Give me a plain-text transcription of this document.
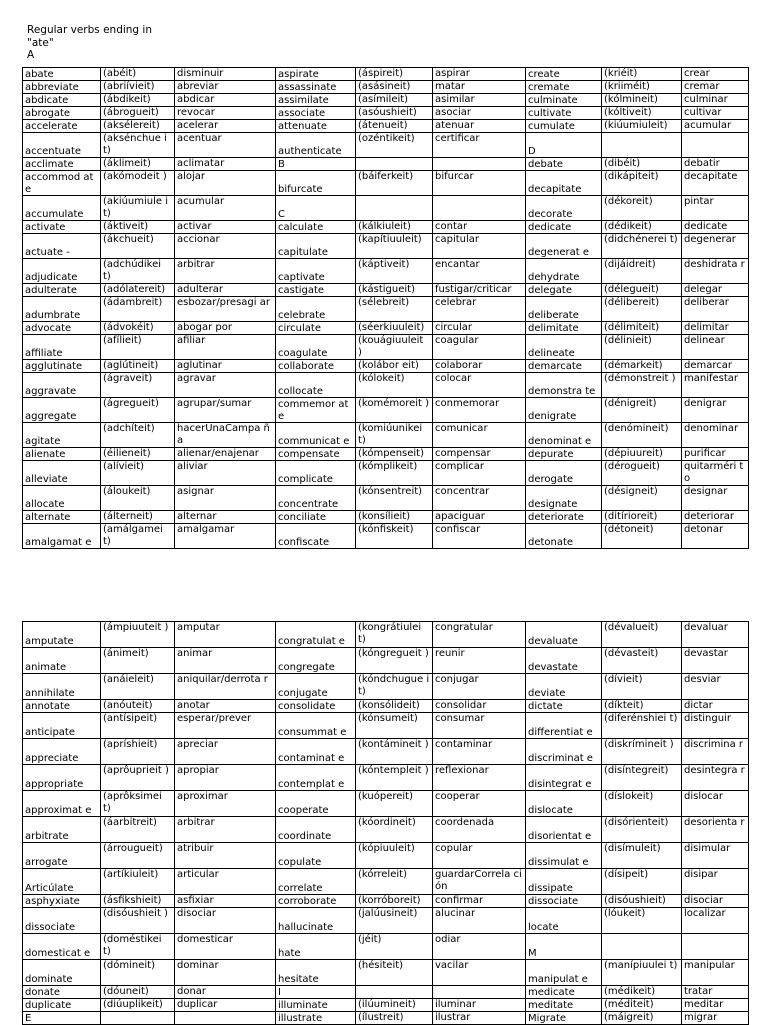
Regular verbs ending in
"ate"
A
abate	(abéit)	disminuir	aspirate	(áspireit)	aspirar	create	(kriéit)	crear
abbreviate	(abriívieit)	abreviar	assassinate	(asásineit)	matar	cremate	(kriiméit)	cremar
abdicate	(ábdikeit)	abdicar	assimilate	(asímileit)	asimilar	culminate	(kólmineit)	culminar
abrogate	(ábrogueit)	revocar	associate	(asóushieit)	asociar	cultivate	(kóltiveit)	cultivar
accelerate	(aksélereit)	acelerar	attenuate	(átenueit)	atenuar	cumulate	(kiúumiuleit)	acumular
accentuate	(aksénchue it)	acentuar	authenticate	(ozéntikeit)	certificar	D		
acclimate	(áklimeit)	aclimatar	B			debate	(dibéit)	debatir
accommod ate	(akómodeit )	alojar	bifurcate	(báiferkeit)	bifurcar	decapitate	(dikápiteit)	decapitate
accumulate	(akiúumiule it)	acumular	C			decorate	(dékoreit)	pintar
activate	(áktiveit)	activar	calculate	(kálkiuleit)	contar	dedicate	(dédikeit)	dedicate
actuate -	(ákchueit)	accionar	capitulate	(kapítiuuleit)	capitular	degenerat e	(didchénerei t)	degenerar
adjudicate	(adchúdikei t)	arbitrar	captivate	(káptiveit)	encantar	dehydrate	(dijáidreit)	deshidrata r
adulterate	(adólatereit)	adulterar	castigate	(kástigueit)	fustigar/criticar	delegate	(délegueit)	delegar
adumbrate	(ádambreit)	esbozar/presagi ar	celebrate	(sélebreit)	celebrar	deliberate	(délibereit)	deliberar
advocate	(ádvokéit)	abogar por	circulate	(séerkiuuleit)	circular	delimitate	(délimiteit)	delimitar
affiliate	(afílieit)	afiliar	coagulate	(kouágiuuleit )	coagular	delineate	(délinieit)	delinear
agglutinate	(aglútineit)	aglutinar	collaborate	(kolábor eit)	colaborar	demarcate	(démarkeit)	demarcar
aggravate	(ágraveit)	agravar	collocate	(kólokeit)	colocar	demonstra te	(démonstreit )	manifestar
aggregate	(ágregueit)	agrupar/sumar	commemor ate	(komémoreit )	conmemorar	denigrate	(dénigreit)	denigrar
agitate	(adchíteit)	hacerUnaCampa ña	communicat e	(komiúunikei t)	comunicar	denominat e	(denómineit)	denominar
alienate	(éilieneit)	alienar/enajenar	compensate	(kómpenseit)	compensar	depurate	(dépiuureit)	purificar
alleviate	(alívieit)	aliviar	complicate	(kómplikeit)	complicar	derogate	(dérogueit)	quitarméri to
allocate	(áloukeit)	asignar	concentrate	(kónsentreit)	concentrar	designate	(désigneit)	designar
alternate	(álterneit)	alternar	conciliate	(konsílieit)	apaciguar	deteriorate	(ditírioreit)	deteriorar
amalgamat e	(amálgamei t)	amalgamar	confiscate	(kónfiskeit)	confiscar	detonate	(détoneit)	detonar
amputate	(ámpiuuteit )	amputar	congratulat e	(kongrátiulei t)	congratular	devaluate	(dévalueit)	devaluar
animate	(ánimeit)	animar	congregate	(kóngregueit )	reunir	devastate	(dévasteit)	devastar
annihilate	(anáieleit)	aniquilar/derrota r	conjugate	(kóndchugue it)	conjugar	deviate	(dívieit)	desviar
annotate	(anóuteit)	anotar	consolidate	(konsólideit)	consolidar	dictate	(díkteit)	dictar
anticipate	(antísipeit)	esperar/prever	consummat e	(kónsumeit)	consumar	differentiat e	(diferénshiei t)	distinguir
appreciate	(apríshieit)	apreciar	contaminat e	(kontámineit )	contaminar	discriminat e	(diskrímineit )	discrimina r
appropriate	(aprôuprieit )	apropiar	contemplat e	(kóntempleit )	reflexionar	disintegrat e	(disíntegreit)	desintegra r
approximat e	(aprôksimei t)	aproximar	cooperate	(kuópereit)	cooperar	dislocate	(díslokeit)	dislocar
arbitrate	(áarbitreit)	arbitrar	coordinate	(kóordineit)	coordenada	disorientat e	(disórienteit)	desorienta r
arrogate	(árrougueit)	atribuir	copulate	(kópiuuleit)	copular	dissimulat e	(disímuleit)	disimular
Articúlate	(artíkiuleit)	articular	correlate	(kórreleit)	guardarCorrela ción	dissipate	(dísipeit)	disipar
asphyxiate	(ásfikshieit)	asfixiar	corroborate	(korróboreit)	confirmar	dissociate	(disóushieit)	disociar
dissociate	(disóushieit )	disociar	hallucinate	(jalúusineit)	alucinar	locate	(lóukeit)	localizar
domesticat e	(doméstikei t)	domesticar	hate	(jéit)	odiar	M		
dominate	(dómineit)	dominar	hesitate	(hésiteit)	vacilar	manipulat e	(manípiuulei t)	manipular
donate	(dóuneit)	donar	I			medicate	(médikeit)	tratar
duplicate	(diúuplikeit)	duplicar	illuminate	(ilúumineit)	iluminar	meditate	(méditeit)	meditar
E			illustrate	(ílustreit)	ilustrar	Migrate	(máigreit)	migrar
